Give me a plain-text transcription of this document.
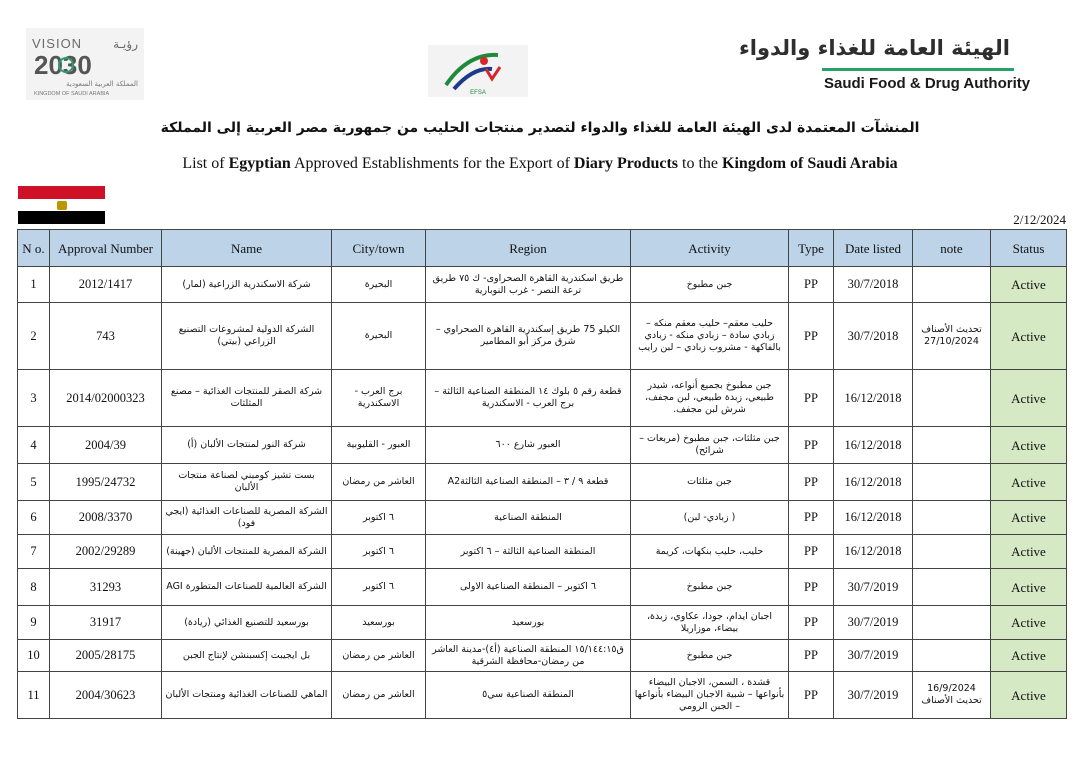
VISION	رؤيـة
2030
المملكة العربية السعودية
KINGDOM OF SAUDI ARABIA	EFSA
الهيئة العامة للغذاء والدواء
Saudi Food & Drug Authority
المنشآت المعتمدة لدى الهيئة العامة للغذاء والدواء لتصدير منتجات الحليب من جمهورية مصر العربية إلى المملكة
List of Egyptian Approved Establishments for the Export of Diary Products to the Kingdom of Saudi Arabia
2/12/2024
N o.	Approval Number	Name	City/town	Region	Activity	Type	Date listed	note	Status
1	2012/1417	شركة الاسكندرية الزراعية (لمار)	البحيرة	طريق اسكندرية القاهرة الصحراوى- ك ٧٥ طريق ترعة النصر - غرب النوبارية	جبن مطبوخ	PP	30/7/2018		Active
2	743	الشركة الدولية لمشروعات التصنيع الزراعي (بيتي)	البحيرة	الكيلو 75 طريق إسكندرية القاهرة الصحراوي – شرق مركز أبو المطامير	حليب معقم– حليب معقم منكه – زبادي سادة – زبادي منكه - زبادي بالفاكهة - مشروب زبادي – لبن رايب	PP	30/7/2018	تحديث الأصناف 27/10/2024	Active
3	2014/02000323	شركة الصقر للمنتجات الغذائية – مصنع المثلثات	برج العرب - الاسكندرية	قطعة رقم ٥ بلوك ١٤ المنطقة الصناعية الثالثة – برج العرب - الاسكندرية	جبن مطبوخ بجميع أنواعه، شيدر طبيعي، زبدة طبيعي، لبن مجفف، شرش لبن مجفف.	PP	16/12/2018		Active
4	2004/39	شركة النور لمنتجات الألبان (أ)	العبور - القليوبية	العبور شارع ٦٠٠	جبن مثلثات، جبن مطبوخ (مربعات –شرائح)	PP	16/12/2018		Active
5	1995/24732	بست تشيز كومبني لصناعة منتجات الألبان	العاشر من رمضان	قطعة ٩ / ٣ – المنطقة الصناعية الثالثةA2	جبن مثلثات	PP	16/12/2018		Active
6	2008/3370	الشركة المصرية للصناعات الغذائية (ايجي فود)	٦ اكتوبر	المنطقة الصناعية	( زبادي- لبن)	PP	16/12/2018		Active
7	2002/29289	الشركة المصرية للمنتجات الألبان (جهينة)	٦ اكتوبر	المنطقة الصناعية الثالثة – ٦ اكتوبر	حليب، حليب بنكهات، كريمة	PP	16/12/2018		Active
8	31293	الشركة العالمية للصناعات المتطورة AGI	٦ اكتوبر	٦ اكتوبر – المنطقة الصناعية الاولى	جبن مطبوخ	PP	30/7/2019		Active
9	31917	بورسعيد للتصنيع الغذائي (ريادة)	بورسعيد	بورسعيد	اجبان ايدام، جودا، عكاوي، زبدة، بيضاء، موزاريلا	PP	30/7/2019		Active
10	2005/28175	بل ايجيبت إكسبنشن لإنتاج الجبن	العاشر من رمضان	ق١٥/١٤٤:١٥ المنطقة الصناعية (أ٤)-مدينة العاشر من رمضان-محافظة الشرقية	جبن مطبوخ	PP	30/7/2019		Active
11	2004/30623	الماهي للصناعات الغذائية ومنتجات الألبان	العاشر من رمضان	المنطقة الصناعية سي٥	قشدة ، السمن، الاجبان البيضاء بأنواعها – شبية الاجبان البيضاء بأنواعها – الجبن الرومي	PP	30/7/2019	16/9/2024 تحديث الأصناف	Active
